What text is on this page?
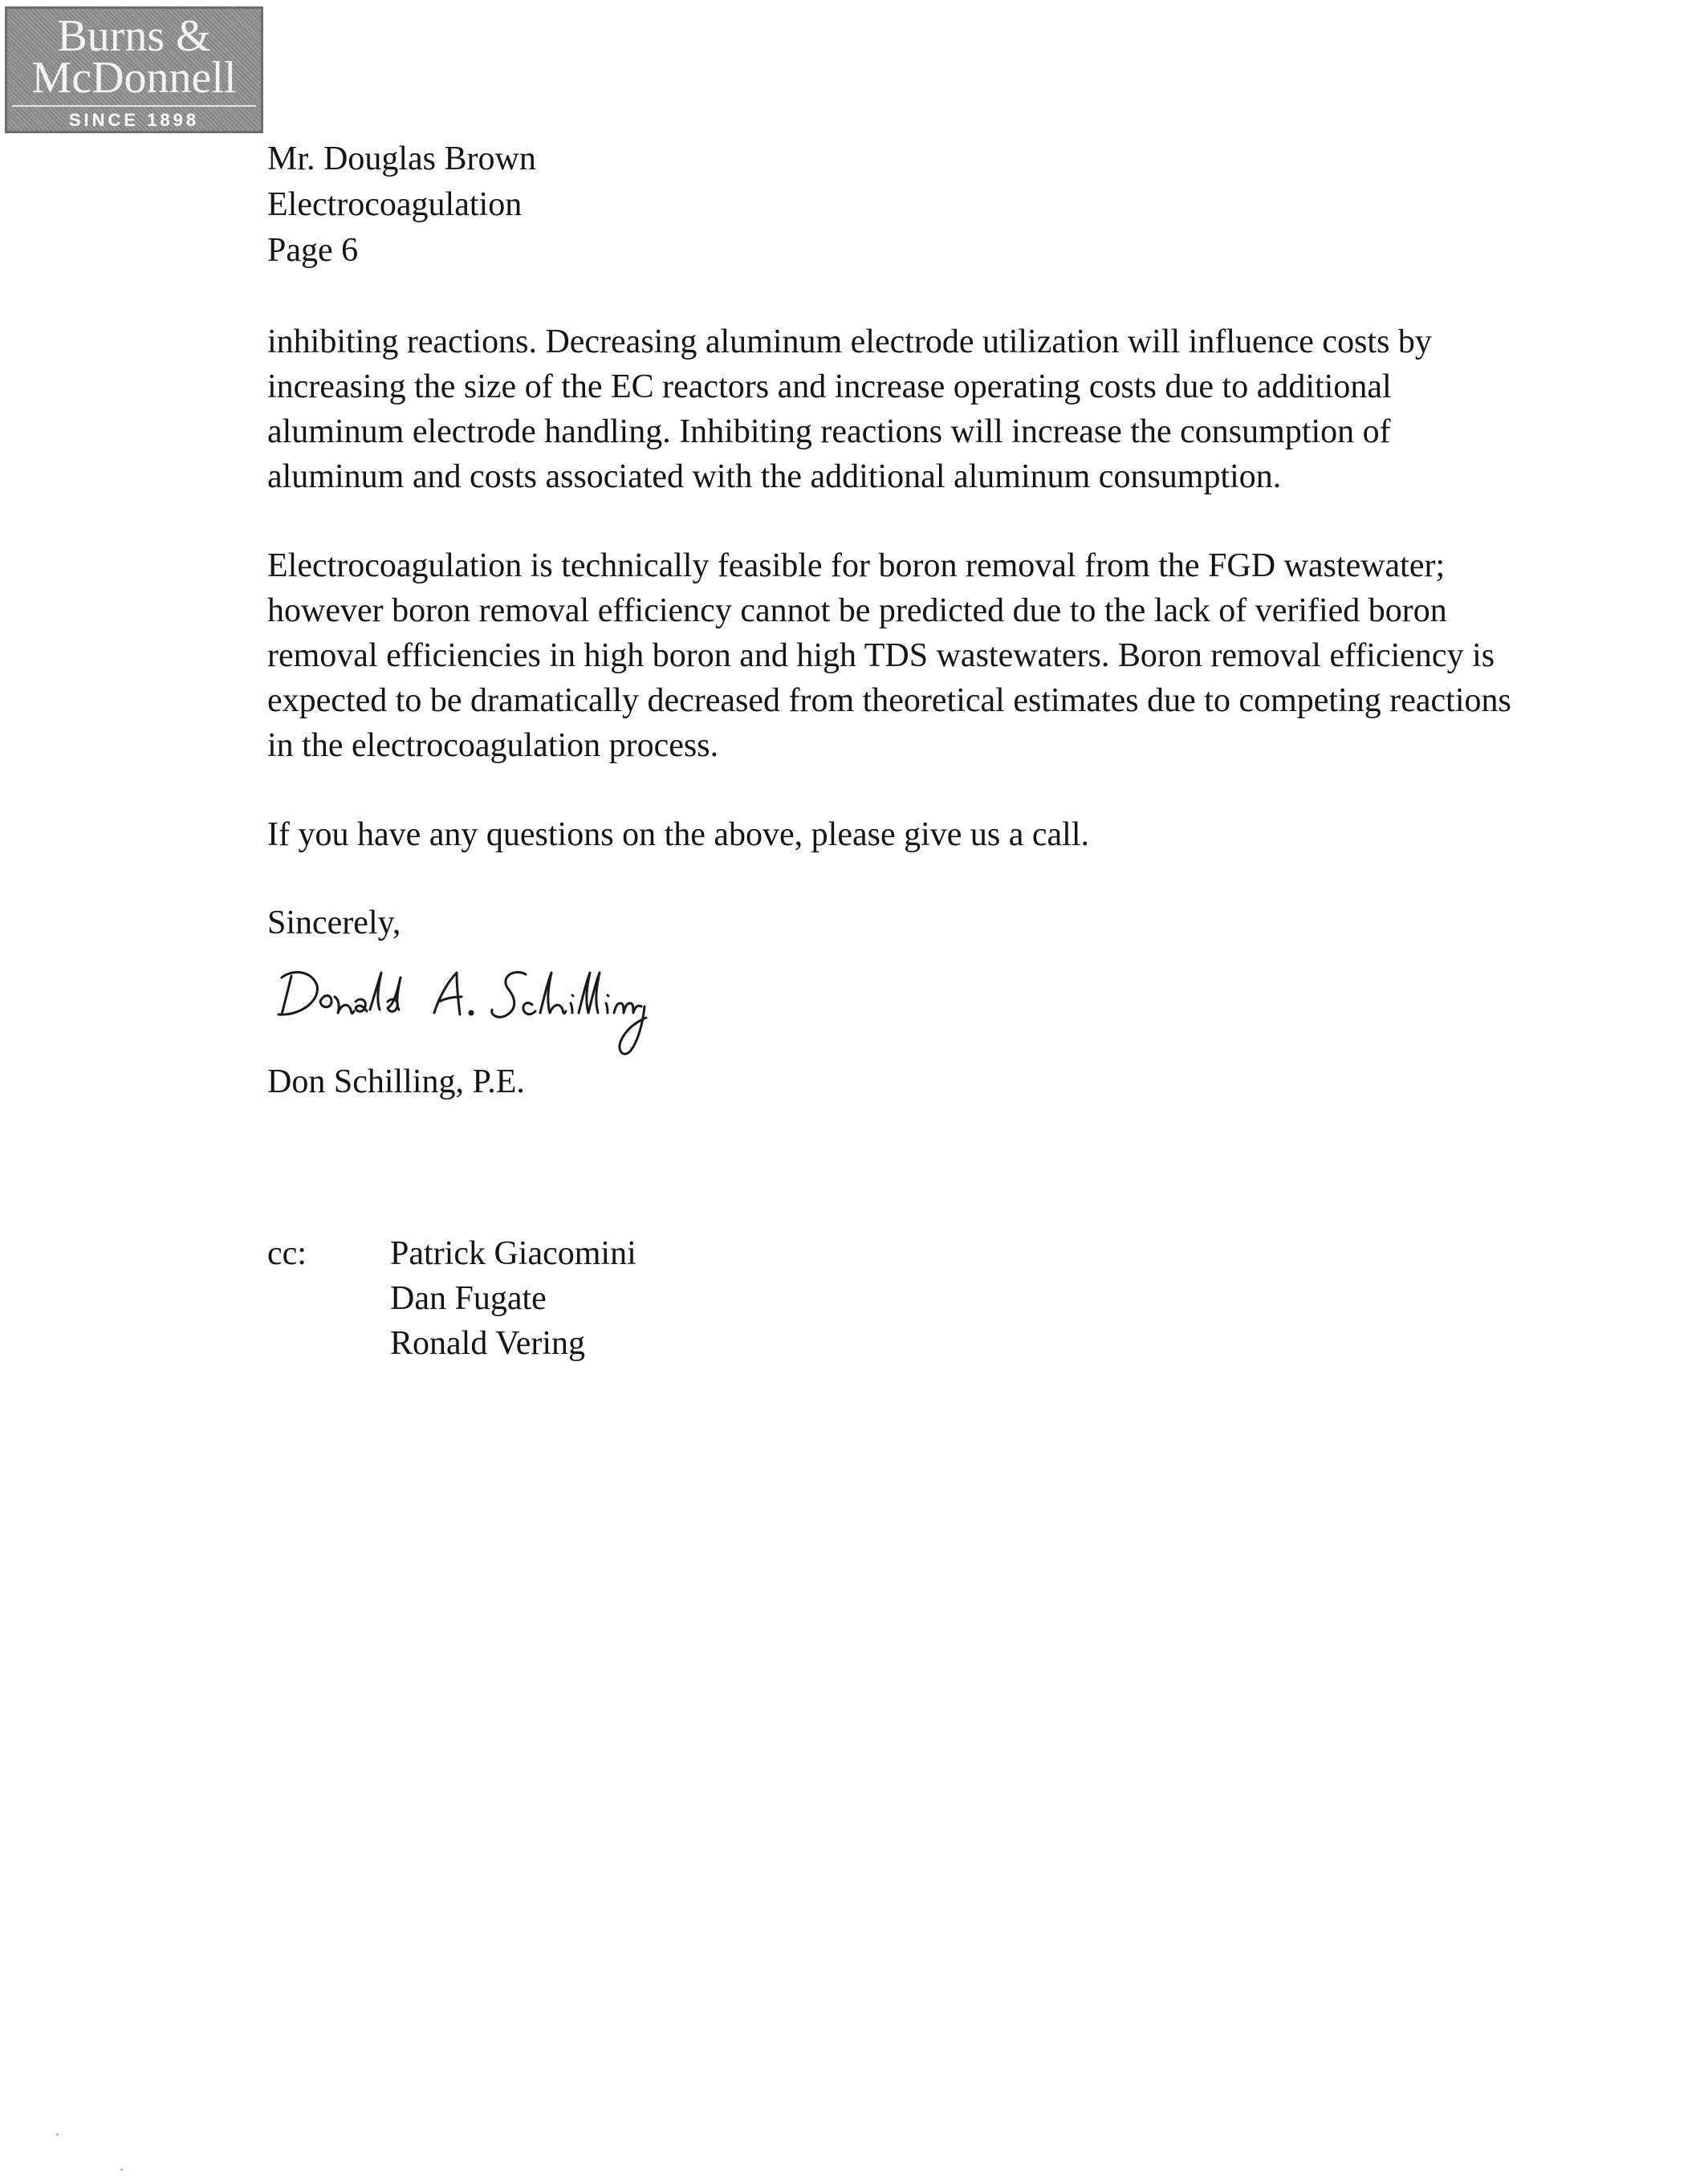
Burns &
McDonnell
SINCE 1898
Mr. Douglas Brown
Electrocoagulation
Page 6
inhibiting reactions. Decreasing aluminum electrode utilization will influence costs by
increasing the size of the EC reactors and increase operating costs due to additional
aluminum electrode handling. Inhibiting reactions will increase the consumption of
aluminum and costs associated with the additional aluminum consumption.
Electrocoagulation is technically feasible for boron removal from the FGD wastewater;
however boron removal efficiency cannot be predicted due to the lack of verified boron
removal efficiencies in high boron and high TDS wastewaters. Boron removal efficiency is
expected to be dramatically decreased from theoretical estimates due to competing reactions
in the electrocoagulation process.
If you have any questions on the above, please give us a call.
Sincerely,
Don Schilling, P.E.
cc: Patrick Giacomini
Dan Fugate
Ronald Vering
